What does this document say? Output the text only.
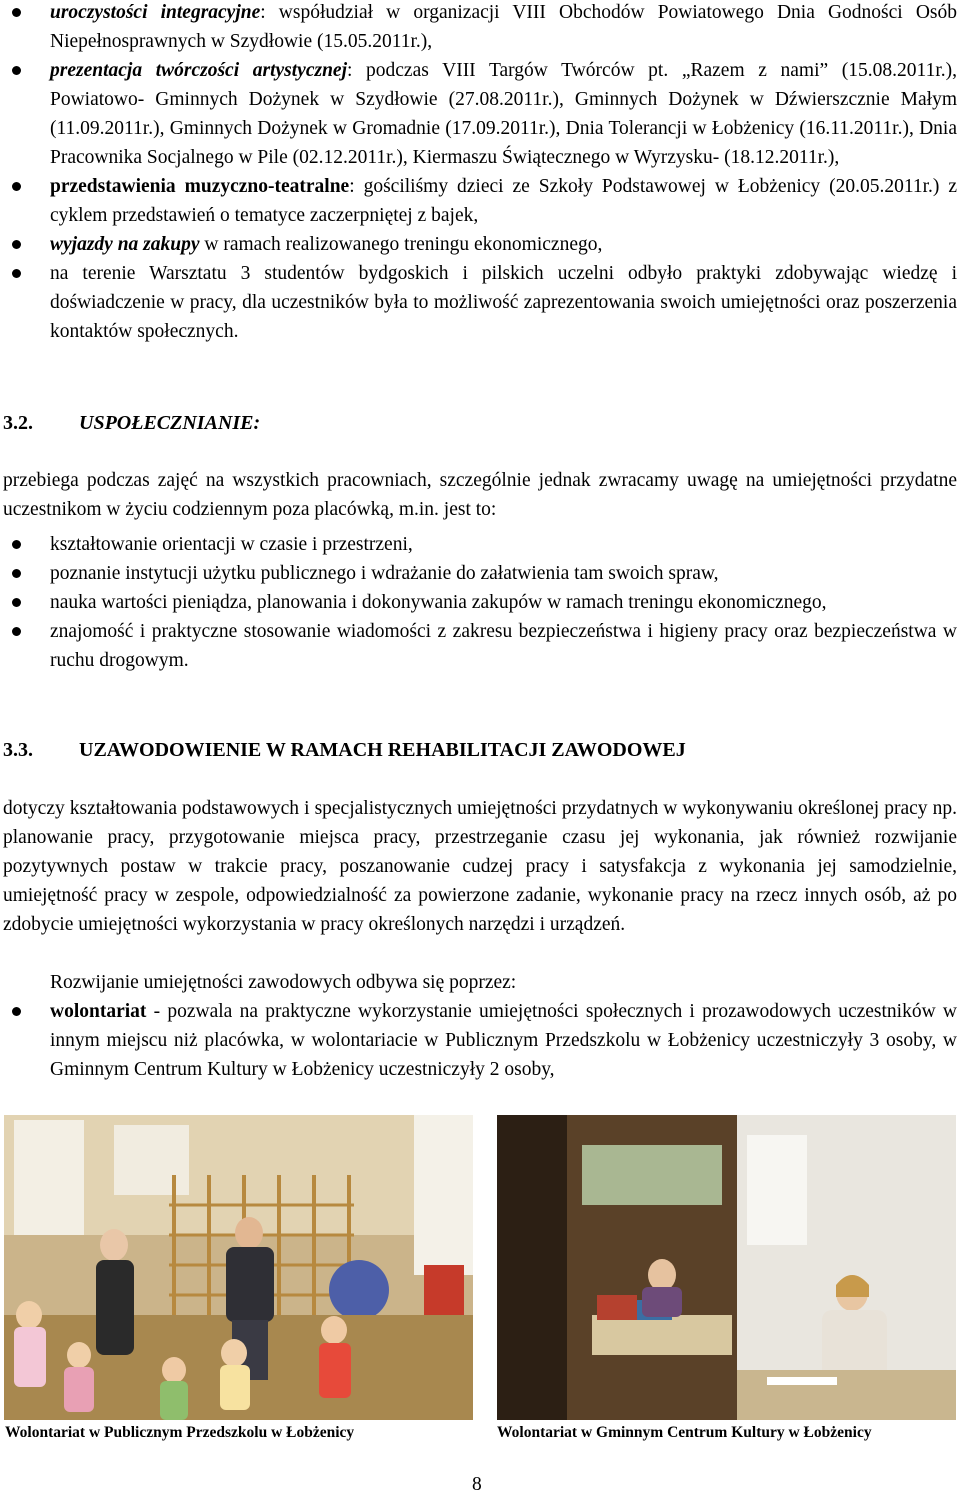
uroczystości integracyjne: współudział w organizacji VIII Obchodów Powiatowego Dnia Godności Osób Niepełnosprawnych w Szydłowie (15.05.2011r.),
prezentacja twórczości artystycznej: podczas VIII Targów Twórców pt. „Razem z nami” (15.08.2011r.), Powiatowo- Gminnych Dożynek w Szydłowie (27.08.2011r.), Gminnych Dożynek w Dźwierszcznie Małym (11.09.2011r.), Gminnych Dożynek w Gromadnie (17.09.2011r.), Dnia Tolerancji w Łobżenicy (16.11.2011r.), Dnia Pracownika Socjalnego w Pile (02.12.2011r.), Kiermaszu Świątecznego w Wyrzysku- (18.12.2011r.),
przedstawienia muzyczno-teatralne: gościliśmy dzieci ze Szkoły Podstawowej w Łobżenicy (20.05.2011r.) z cyklem przedstawień o tematyce zaczerpniętej z bajek,
wyjazdy na zakupy w ramach realizowanego treningu ekonomicznego,
na terenie Warsztatu 3 studentów bydgoskich i pilskich uczelni odbyło praktyki zdobywając wiedzę i doświadczenie w pracy, dla uczestników była to możliwość zaprezentowania swoich umiejętności oraz poszerzenia kontaktów społecznych.
3.2. USPOŁECZNIANIE:
przebiega podczas zajęć na wszystkich pracowniach, szczególnie jednak zwracamy uwagę na umiejętności przydatne uczestnikom w życiu codziennym poza placówką, m.in. jest to:
kształtowanie orientacji w czasie i przestrzeni,
poznanie instytucji użytku publicznego i wdrażanie do załatwienia tam swoich spraw,
nauka wartości pieniądza, planowania i dokonywania zakupów w ramach treningu ekonomicznego,
znajomość i praktyczne stosowanie wiadomości z zakresu bezpieczeństwa i higieny pracy oraz bezpieczeństwa w ruchu drogowym.
3.3. UZAWODOWIENIE W RAMACH REHABILITACJI ZAWODOWEJ
dotyczy kształtowania podstawowych i specjalistycznych umiejętności przydatnych w wykonywaniu określonej pracy np. planowanie pracy, przygotowanie miejsca pracy, przestrzeganie czasu jej wykonania, jak również rozwijanie pozytywnych postaw w trakcie pracy, poszanowanie cudzej pracy i satysfakcja z wykonania jej samodzielnie, umiejętność pracy w zespole, odpowiedzialność za powierzone zadanie, wykonanie pracy na rzecz innych osób, aż po zdobycie umiejętności wykorzystania w pracy określonych narzędzi i urządzeń.
Rozwijanie umiejętności zawodowych odbywa się poprzez:
wolontariat - pozwala na praktyczne wykorzystanie umiejętności społecznych i prozawodowych uczestników w innym miejscu niż placówka, w wolontariacie w Publicznym Przedszkolu w Łobżenicy uczestniczyły 3 osoby, w Gminnym Centrum Kultury w Łobżenicy uczestniczyły 2 osoby,
Wolontariat w Publicznym Przedszkolu w Łobżenicy	Wolontariat w Gminnym Centrum Kultury w Łobżenicy
8
